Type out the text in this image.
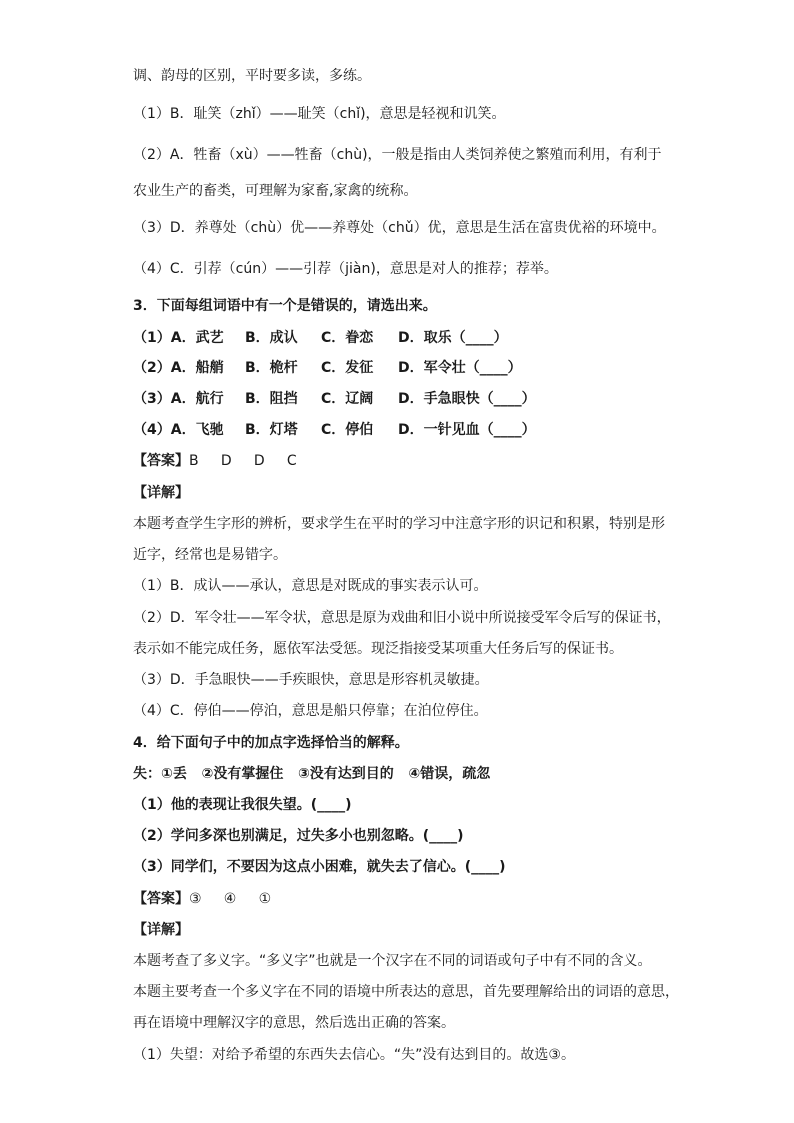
调、韵母的区别，平时要多读，多练。
（1）B．耻笑（zhǐ）——耻笑（chǐ)，意思是轻视和讥笑。
（2）A．牲畜（xù）——牲畜（chù)，一般是指由人类饲养使之繁殖而利用，有利于
农业生产的畜类，可理解为家畜,家禽的统称。
（3）D．养尊处（chù）优——养尊处（chǔ）优，意思是生活在富贵优裕的环境中。
（4）C．引荐（cún）——引荐（jiàn)，意思是对人的推荐；荐举。
3．下面每组词语中有一个是错误的，请选出来。
（1）A．武艺 B．成认 C．眷恋 D．取乐（____）
（2）A．船艄 B．桅杆 C．发征 D．军令壮（____）
（3）A．航行 B．阻挡 C．辽阔 D．手急眼快（____）
（4）A．飞驰 B．灯塔 C．停伯 D．一针见血（____）
【答案】B     D     D     C
【详解】
本题考查学生字形的辨析，要求学生在平时的学习中注意字形的识记和积累，特别是形
近字，经常也是易错字。
（1）B．成认——承认，意思是对既成的事实表示认可。
（2）D．军令壮——军令状，意思是原为戏曲和旧小说中所说接受军令后写的保证书，
表示如不能完成任务，愿依军法受惩。现泛指接受某项重大任务后写的保证书。
（3）D．手急眼快——手疾眼快，意思是形容机灵敏捷。
（4）C．停伯——停泊，意思是船只停靠；在泊位停住。
4．给下面句子中的加点字选择恰当的解释。
失：①丢   ②没有掌握住   ③没有达到目的   ④错误，疏忽
（1）他的表现让我很失望。(____)
（2）学问多深也别满足，过失多小也别忽略。(____)
（3）同学们，不要因为这点小困难，就失去了信心。(____)
【答案】③     ④     ①
【详解】
本题考查了多义字。“多义字”也就是一个汉字在不同的词语或句子中有不同的含义。
本题主要考查一个多义字在不同的语境中所表达的意思，首先要理解给出的词语的意思，
再在语境中理解汉字的意思，然后选出正确的答案。
（1）失望：对给予希望的东西失去信心。“失”没有达到目的。故选③。
